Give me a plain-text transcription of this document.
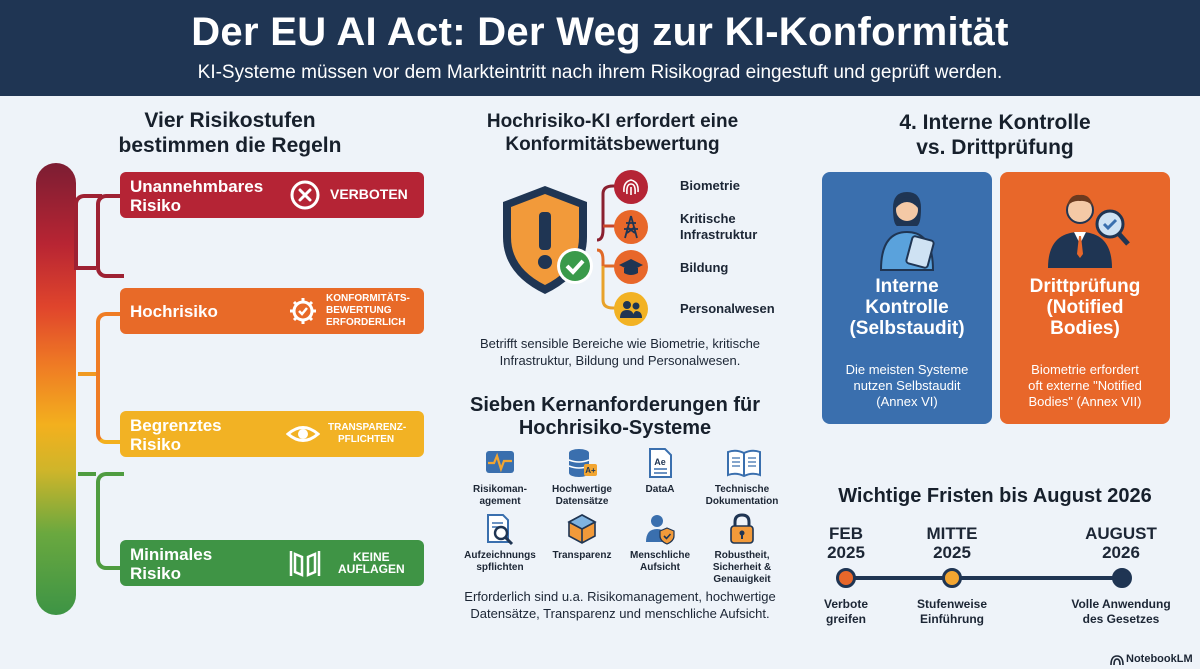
Der EU AI Act: Der Weg zur KI-Konformität

KI-Systeme müssen vor dem Markteintritt nach ihrem Risikograd eingestuft und geprüft werden.

Vier Risikostufen
bestimmen die Regeln
Unannehmbares
Risiko
VERBOTEN
Hochrisiko
KONFORMITÄTS-
BEWERTUNG
ERFORDERLICH
Begrenztes
Risiko
TRANSPARENZ-
PFLICHTEN
Minimales
Risiko
KEINE
AUFLAGEN
Hochrisiko-KI erfordert eine
Konformitätsbewertung
Biometrie
Kritische
Infrastruktur
Bildung
Personalwesen
Betrifft sensible Bereiche wie Biometrie, kritische
Infrastruktur, Bildung und Personalwesen.
Sieben Kernanforderungen für
Hochrisiko-Systeme
Risikoman-
agement
A+
Hochwertige
Datensätze
Ae
DataA	Technische
Dokumentation
Aufzeichnungs
spflichten
Transparenz	Menschliche
Aufsicht
Robustheit,
Sicherheit &
Genauigkeit
Erforderlich sind u.a. Risikomanagement, hochwertige
Datensätze, Transparenz und menschliche Aufsicht.
4. Interne Kontrolle
vs. Drittprüfung
Interne
Kontrolle
(Selbstaudit)
Die meisten Systeme
nutzen Selbstaudit
(Annex VI)
Drittprüfung
(Notified
Bodies)
Biometrie erfordert
oft externe "Notified
Bodies" (Annex VII)
Wichtige Fristen bis August 2026
FEB
2025
Verbote
greifen
MITTE
2025
Stufenweise
Einführung
AUGUST
2026
Volle Anwendung
des Gesetzes
NotebookLM
